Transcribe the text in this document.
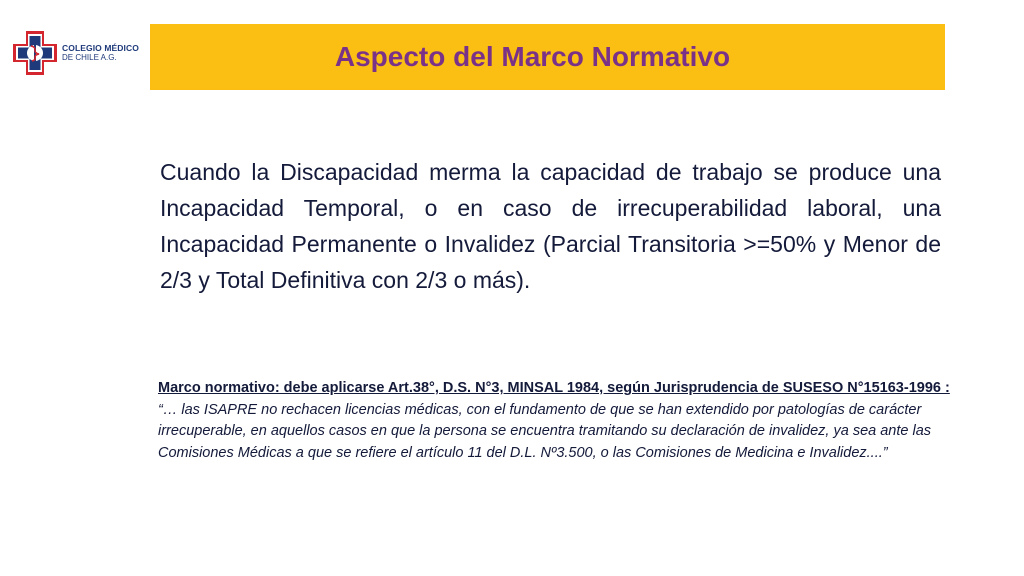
COLEGIO MÉDICO
DE CHILE A.G.	Aspecto del Marco Normativo

Cuando la Discapacidad merma la capacidad de trabajo se produce una Incapacidad Temporal, o en caso de irrecuperabilidad laboral, una Incapacidad Permanente o Invalidez (Parcial Transitoria >=50% y Menor de 2/3 y Total Definitiva con 2/3 o más).

Marco normativo: debe aplicarse Art.38°, D.S. N°3, MINSAL 1984, según Jurisprudencia de SUSESO N°15163-1996 :
“… las ISAPRE no rechacen licencias médicas, con el fundamento de que se han extendido por patologías de carácter irrecuperable, en aquellos casos en que la persona se encuentra tramitando su declaración de invalidez, ya sea ante las Comisiones Médicas a que se refiere el artículo 11 del D.L. Nº3.500, o las Comisiones de Medicina e Invalidez....”
